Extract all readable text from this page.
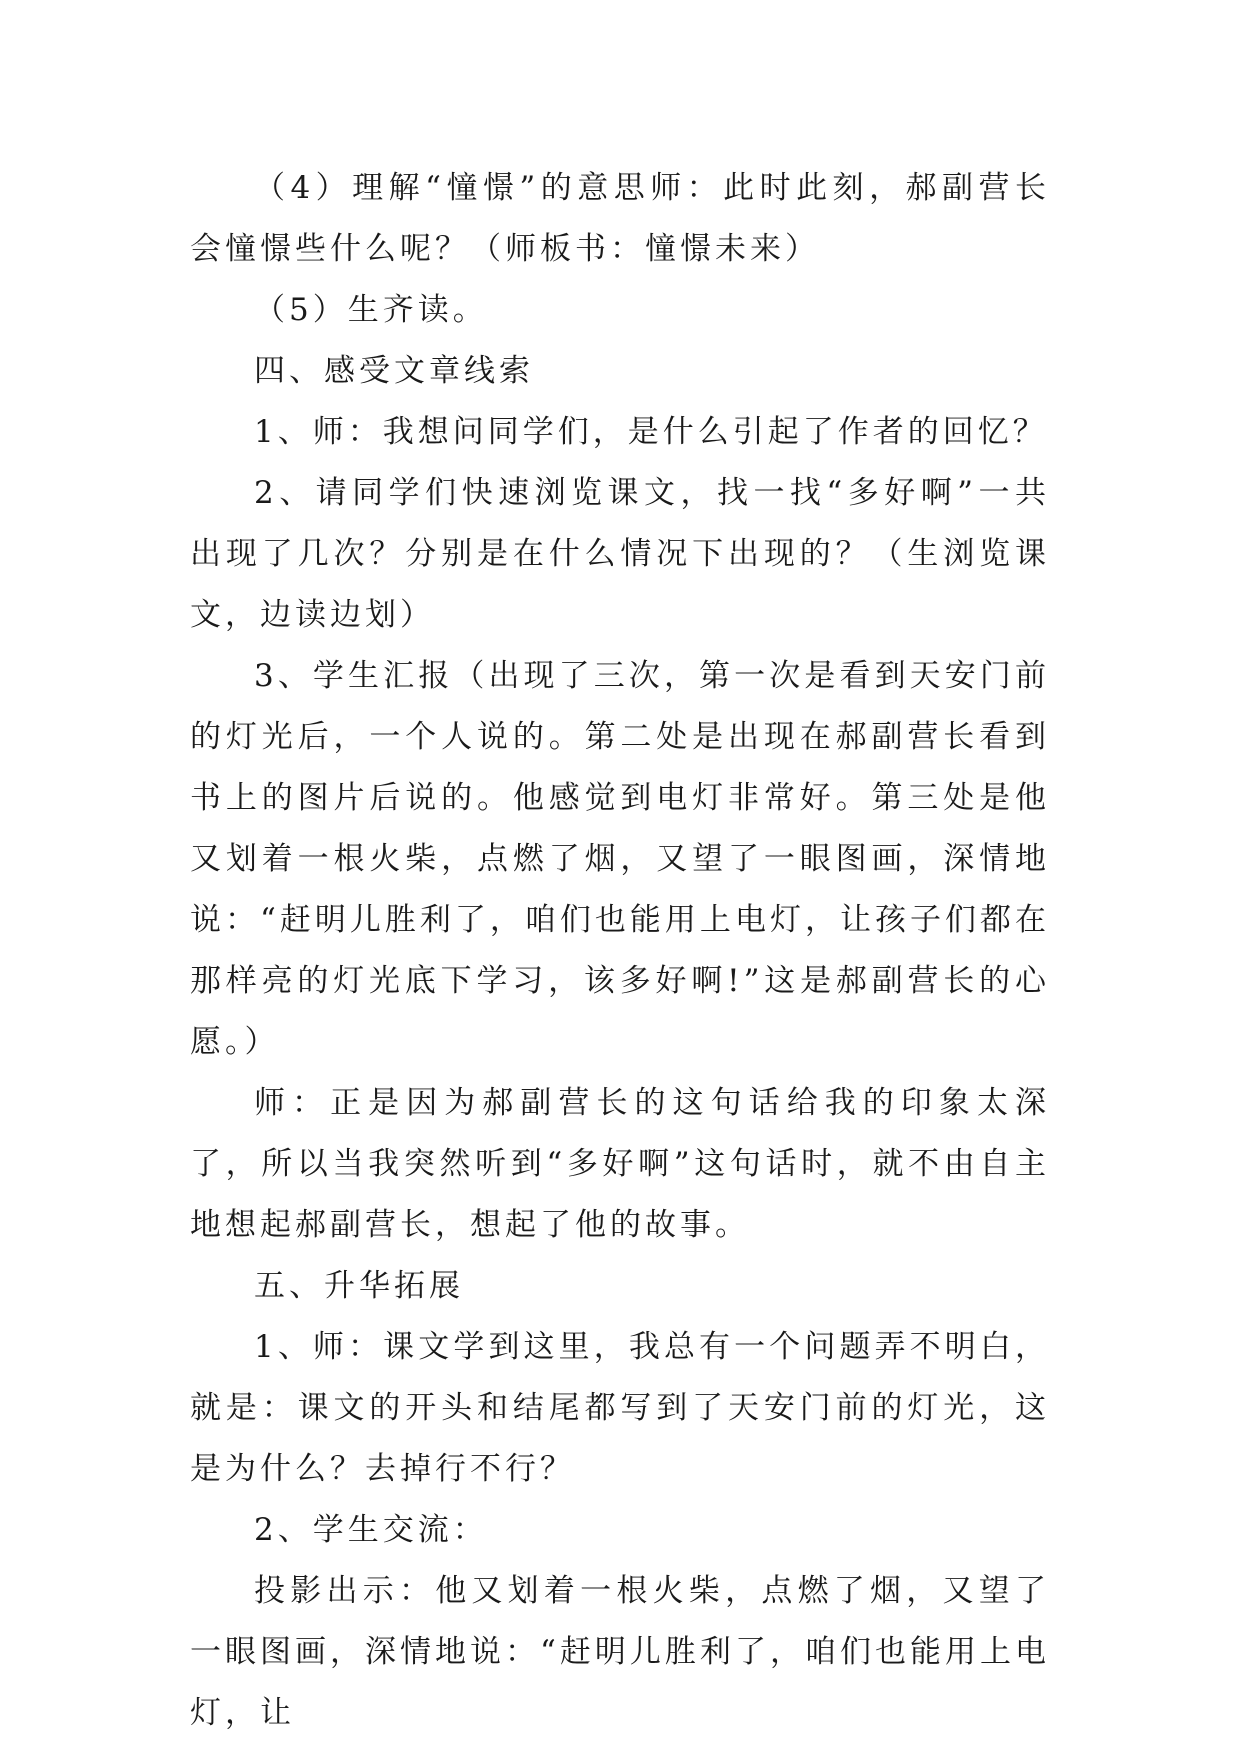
（4）理解“憧憬”的意思师：此时此刻，郝副营长会憧憬些什么呢？（师板书：憧憬未来）

（5）生齐读。

四、感受文章线索

1、师：我想问同学们，是什么引起了作者的回忆？

2、请同学们快速浏览课文，找一找“多好啊”一共出现了几次？分别是在什么情况下出现的？（生浏览课文，边读边划）

3、学生汇报（出现了三次，第一次是看到天安门前的灯光后，一个人说的。第二处是出现在郝副营长看到书上的图片后说的。他感觉到电灯非常好。第三处是他又划着一根火柴，点燃了烟，又望了一眼图画，深情地说：“赶明儿胜利了，咱们也能用上电灯，让孩子们都在那样亮的灯光底下学习，该多好啊!”这是郝副营长的心愿。）

师：正是因为郝副营长的这句话给我的印象太深了，所以当我突然听到“多好啊”这句话时，就不由自主地想起郝副营长，想起了他的故事。

五、升华拓展

1、师：课文学到这里，我总有一个问题弄不明白，就是：课文的开头和结尾都写到了天安门前的灯光，这是为什么？去掉行不行？

2、学生交流：

投影出示：他又划着一根火柴，点燃了烟，又望了一眼图画，深情地说：“赶明儿胜利了，咱们也能用上电灯，让
